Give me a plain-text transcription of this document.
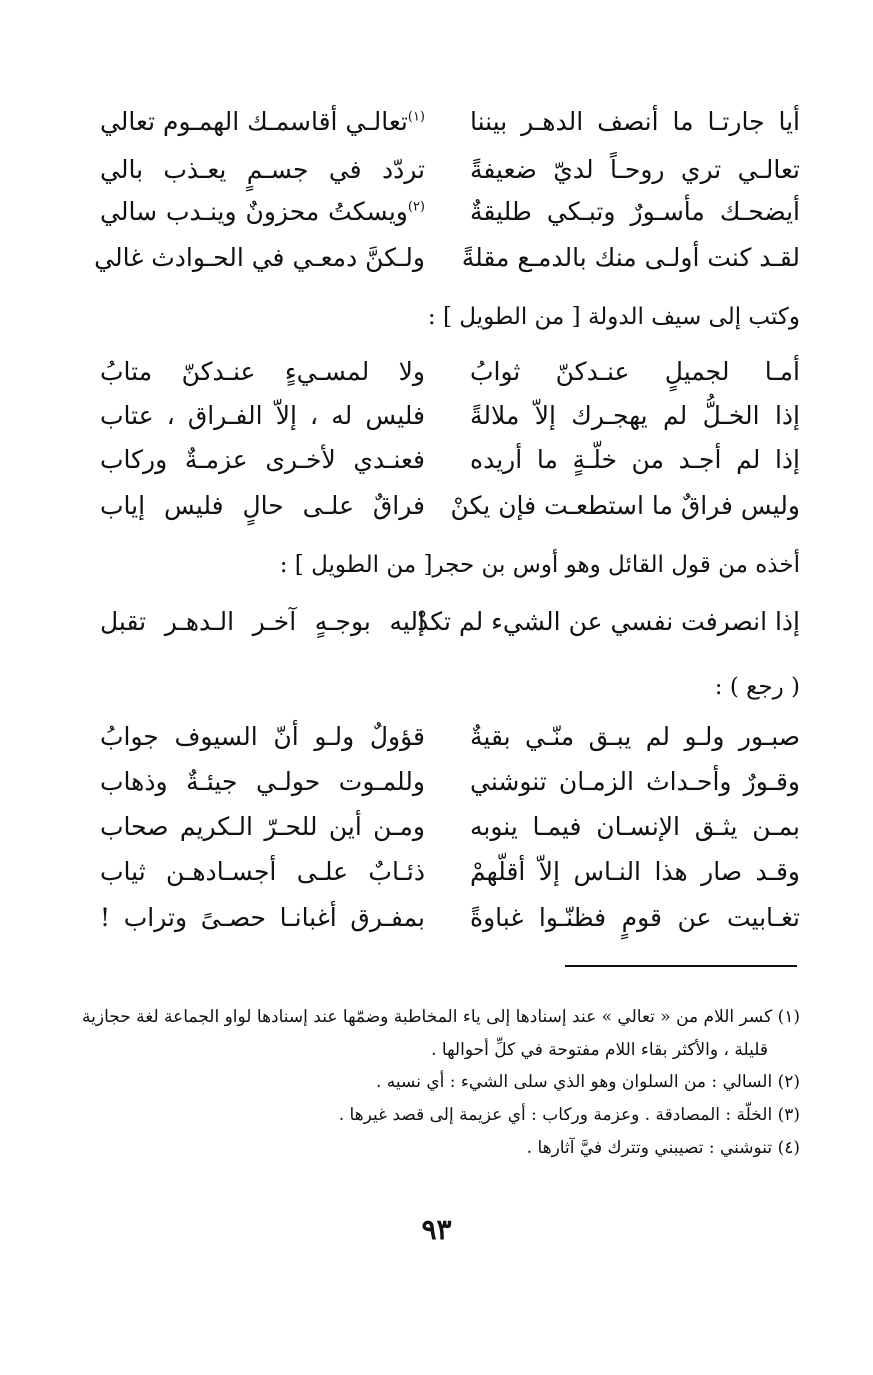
أيا جارتـا ما أنصف الدهـر بيننا
$^{(١)}$تعالـي أقاسمـك الهمـوم تعالي
تعالـي تري روحـاً لديّ ضعيفةً
تردّد في جسـمٍ يعـذب بالي
أيضحـك مأسـورٌ وتبـكي طليقةٌ
$^{(٢)}$ويسكتُ محزونٌ وينـدب سالي
لقـد كنت أولـى منك بالدمـع مقلةً
ولـكنَّ دمعـي في الحـوادث غالي
وكتب إلى سيف الدولة [ من الطويل ] :
أمـا لجميلٍ عنـدكنّ ثوابُ
ولا لمسـيءٍ عنـدكنّ متابُ
إذا الخـلُّ لم يهجـرك إلاّ ملالةً
فليس له ، إلاّ الفـراق ، عتاب
إذا لم أجـد من خلّـةٍ ما أريده
فعنـدي لأخـرى عزمـةٌ وركاب
وليس فراقٌ ما استطعـت فإن يكنْ
فراقٌ علـى حالٍ فليس إياب
أخذه من قول القائل وهو أوس بن حجر[ من الطويل ] :
إذا انصرفت نفسي عن الشيء لم تكدْ
إليه بوجـهٍ آخـر الـدهـر تقبل
( رجع ) :
صبـور ولـو لم يبـق منّـي بقيةٌ
قؤولٌ ولـو أنّ السيوف جوابُ
وقـورٌ وأحـداث الزمـان تنوشني
وللمـوت حولـي جيئـةٌ وذهاب
بمـن يثـق الإنسـان فيمـا ينوبه
ومـن أين للحـرّ الـكريم صحاب
وقـد صار هذا النـاس إلاّ أقلّهمْ
ذئـابٌ علـى أجسـادهـن ثياب
تغـابيت عن قومٍ فظنّـوا غباوةً
بمفـرق أغبانـا حصـىً وتراب !
(١) كسر اللام من « تعالي » عند إسنادها إلى ياء المخاطبة وضمّها عند إسنادها لواو الجماعة لغة حجازية
قليلة ، والأكثر بقاء اللام مفتوحة في كلِّ أحوالها .
(٢) السالي : من السلوان وهو الذي سلى الشيء : أي نسيه .
(٣) الخلّة : المصادقة . وعزمة وركاب : أي عزيمة إلى قصد غيرها .
(٤) تنوشني : تصيبني وتترك فيَّ آثارها .
٩٣
